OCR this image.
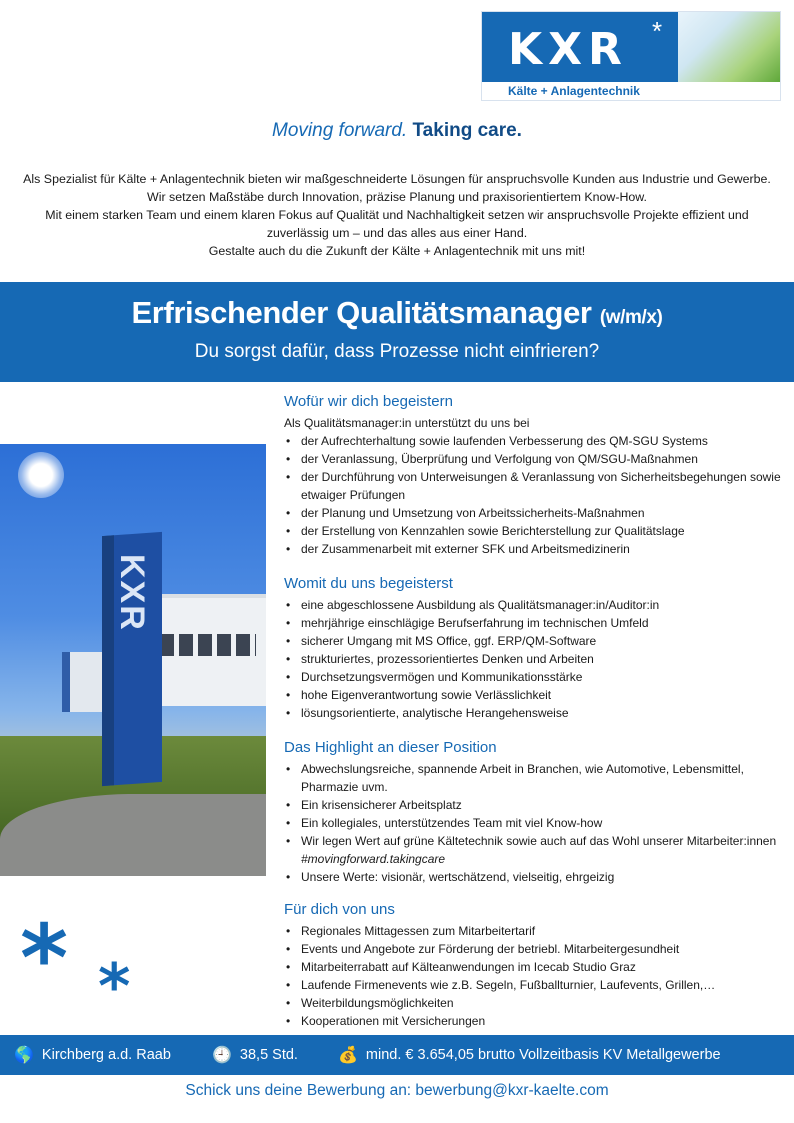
KXR *
Kälte + Anlagentechnik
Moving forward. Taking care.

Als Spezialist für Kälte + Anlagentechnik bieten wir maßgeschneiderte Lösungen für anspruchsvolle Kunden aus Industrie und Gewerbe. Wir setzen Maßstäbe durch Innovation, präzise Planung und praxisorientiertem Know-How.

Mit einem starken Team und einem klaren Fokus auf Qualität und Nachhaltigkeit setzen wir anspruchsvolle Projekte effizient und zuverlässig um – und das alles aus einer Hand.

Gestalte auch du die Zukunft der Kälte + Anlagentechnik mit uns mit!

Erfrischender Qualitätsmanager (w/m/x)
Du sorgst dafür, dass Prozesse nicht einfrieren?
KXR
* *
Wofür wir dich begeistern

Als Qualitätsmanager:in unterstützt du uns bei

• der Aufrechterhaltung sowie laufenden Verbesserung des QM-SGU Systems
• der Veranlassung, Überprüfung und Verfolgung von QM/SGU-Maßnahmen
• der Durchführung von Unterweisungen & Veranlassung von Sicherheitsbegehungen sowie etwaiger Prüfungen
• der Planung und Umsetzung von Arbeitssicherheits-Maßnahmen
• der Erstellung von Kennzahlen sowie Berichterstellung zur Qualitätslage
• der Zusammenarbeit mit externer SFK und Arbeitsmedizinerin
Womit du uns begeisterst
• eine abgeschlossene Ausbildung als Qualitätsmanager:in/Auditor:in
• mehrjährige einschlägige Berufserfahrung im technischen Umfeld
• sicherer Umgang mit MS Office, ggf. ERP/QM-Software
• strukturiertes, prozessorientiertes Denken und Arbeiten
• Durchsetzungsvermögen und Kommunikationsstärke
• hohe Eigenverantwortung sowie Verlässlichkeit
• lösungsorientierte, analytische Herangehensweise
Das Highlight an dieser Position
• Abwechslungsreiche, spannende Arbeit in Branchen, wie Automotive, Lebensmittel, Pharmazie uvm.
• Ein krisensicherer Arbeitsplatz
• Ein kollegiales, unterstützendes Team mit viel Know-how
• Wir legen Wert auf grüne Kältetechnik sowie auch auf das Wohl unserer Mitarbeiter:innen #movingforward.takingcare
• Unsere Werte: visionär, wertschätzend, vielseitig, ehrgeizig
Für dich von uns
• Regionales Mittagessen zum Mitarbeitertarif
• Events und Angebote zur Förderung der betriebl. Mitarbeitergesundheit
• Mitarbeiterrabatt auf Kälteanwendungen im Icecab Studio Graz
• Laufende Firmenevents wie z.B. Segeln, Fußballturnier, Laufevents, Grillen,…
• Weiterbildungsmöglichkeiten
• Kooperationen mit Versicherungen
🌎 Kirchberg a.d. Raab	🕘 38,5 Std.	💰 mind. € 3.654,05 brutto Vollzeitbasis KV Metallgewerbe
Schick uns deine Bewerbung an: bewerbung@kxr-kaelte.com
